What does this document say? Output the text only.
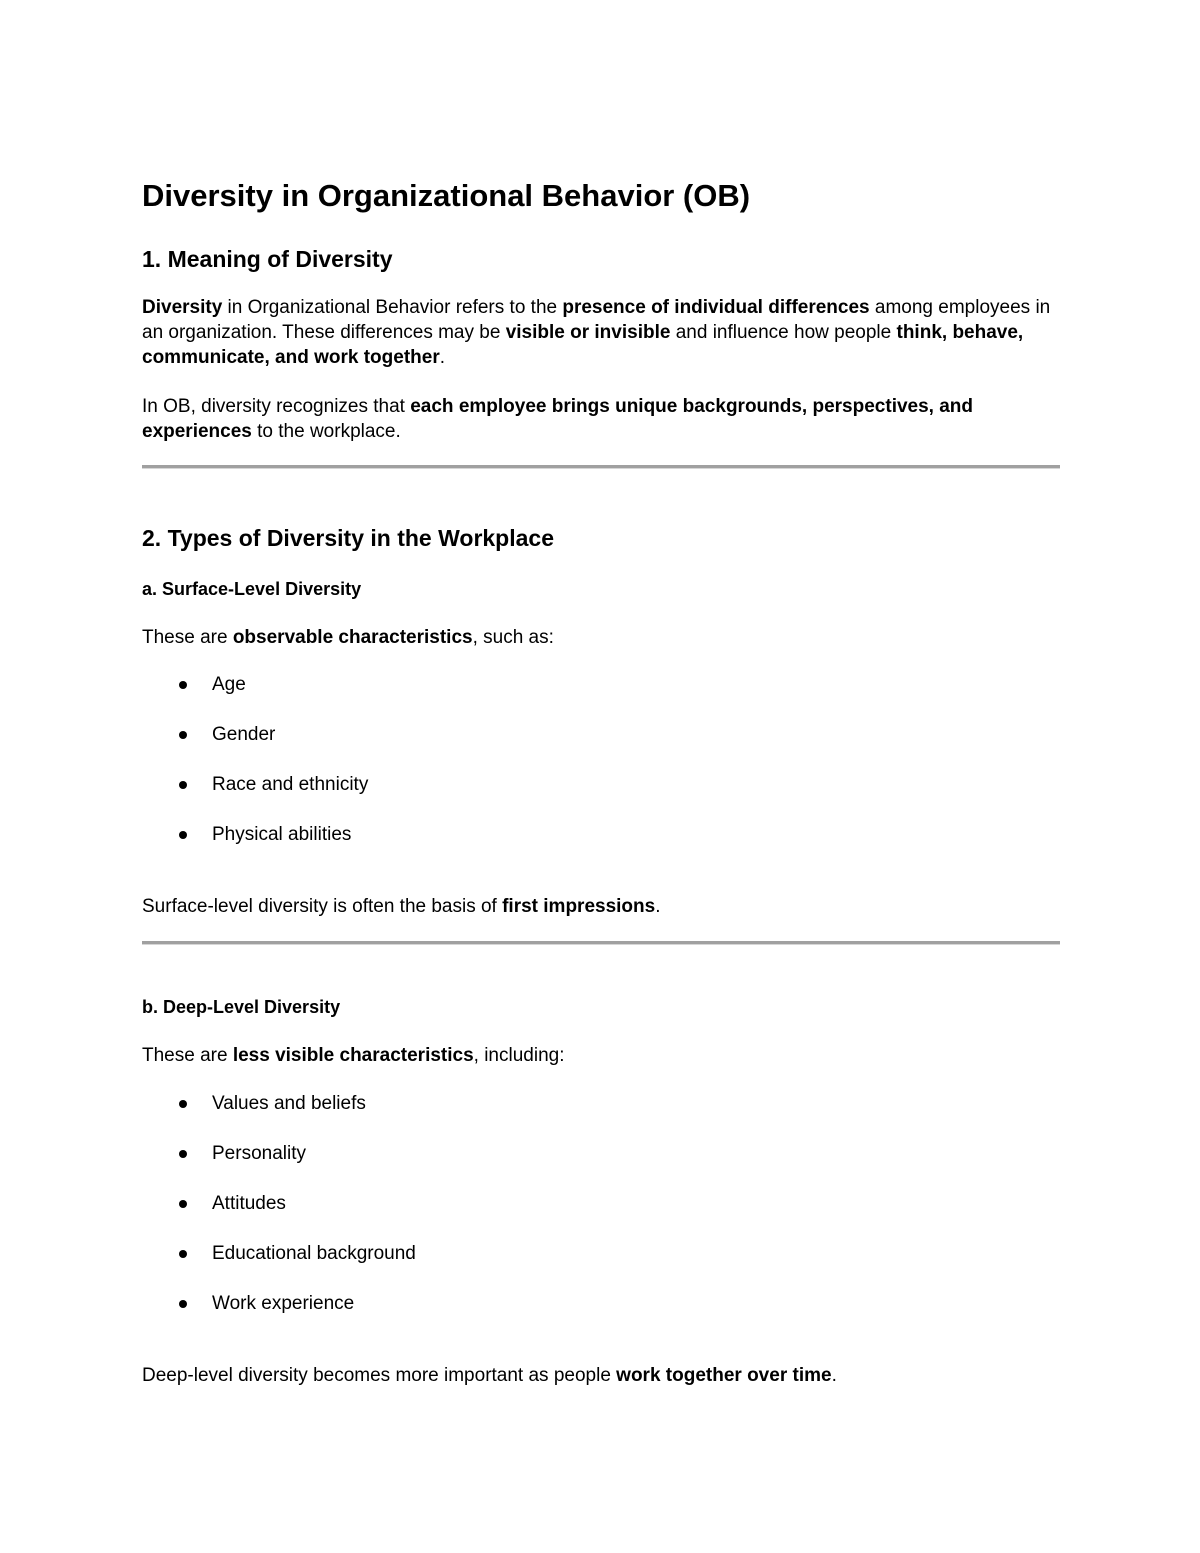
Diversity in Organizational Behavior (OB)
1. Meaning of Diversity

Diversity in Organizational Behavior refers to the presence of individual differences among employees in an organization. These differences may be visible or invisible and influence how people think, behave, communicate, and work together.

In OB, diversity recognizes that each employee brings unique backgrounds, perspectives, and experiences to the workplace.

2. Types of Diversity in the Workplace
a. Surface-Level Diversity

These are observable characteristics, such as:

Age
Gender
Race and ethnicity
Physical abilities

Surface-level diversity is often the basis of first impressions.

b. Deep-Level Diversity

These are less visible characteristics, including:

Values and beliefs
Personality
Attitudes
Educational background
Work experience

Deep-level diversity becomes more important as people work together over time.
